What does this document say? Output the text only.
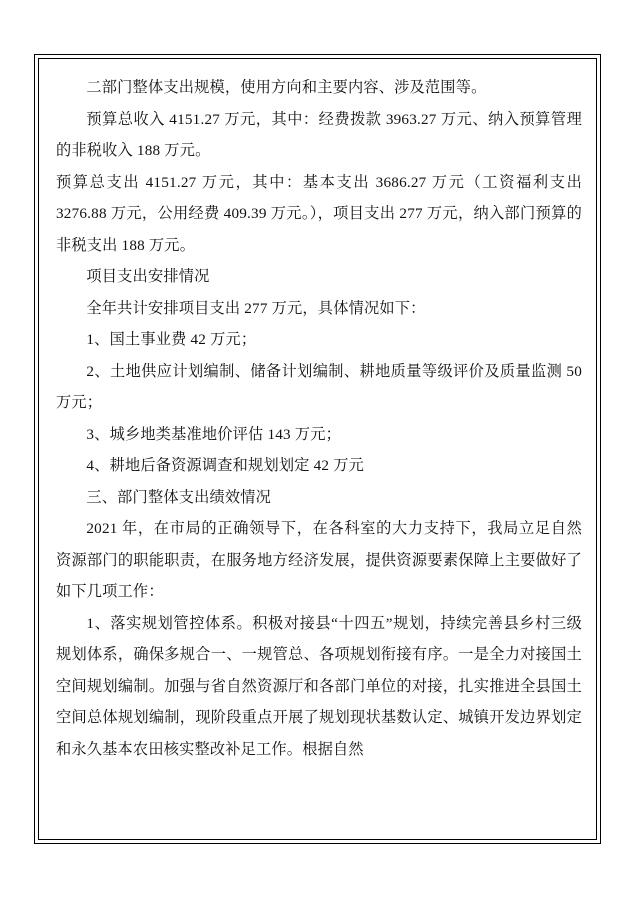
二部门整体支出规模，使用方向和主要内容、涉及范围等。

预算总收入 4151.27 万元，其中：经费拨款 3963.27 万元、纳入预算管理的非税收入 188 万元。

预算总支出 4151.27 万元，其中：基本支出 3686.27 万元（工资福利支出 3276.88 万元，公用经费 409.39 万元。），项目支出 277 万元，纳入部门预算的非税支出 188 万元。

项目支出安排情况

全年共计安排项目支出 277 万元，具体情况如下：

1、国土事业费 42 万元；

2、土地供应计划编制、储备计划编制、耕地质量等级评价及质量监测 50 万元；

3、城乡地类基准地价评估 143 万元；

4、耕地后备资源调查和规划划定 42 万元

三、部门整体支出绩效情况

2021 年，在市局的正确领导下，在各科室的大力支持下，我局立足自然资源部门的职能职责，在服务地方经济发展，提供资源要素保障上主要做好了如下几项工作：

1、落实规划管控体系。积极对接县“十四五”规划，持续完善县乡村三级规划体系，确保多规合一、一规管总、各项规划衔接有序。一是全力对接国土空间规划编制。加强与省自然资源厅和各部门单位的对接，扎实推进全县国土空间总体规划编制，现阶段重点开展了规划现状基数认定、城镇开发边界划定和永久基本农田核实整改补足工作。根据自然
